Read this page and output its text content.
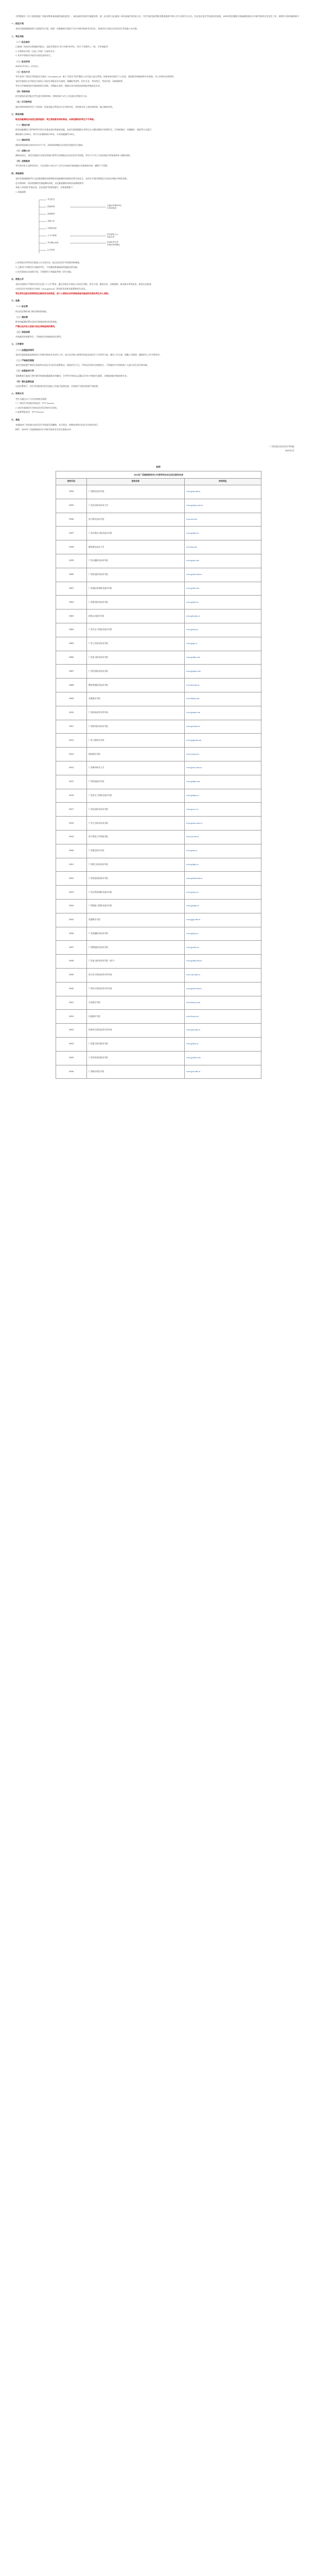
为贯彻落实《关于加快推进广西职业教育高质量发展的意见》，深化高校考试招生制度改革，进一步完善“文化素质＋职业技能”的评价方式，为学生接受高等职业教育提供多种入学方式和学习方式。经自治区招生考试委员会同意，2025年我区继续开展高职院校对口中职学校毕业生招生工作，现将有关事项通知如下：

一、招生计划

各招生院校根据国家下达的招生计划，安排一定数量的计划用于对口中职学校毕业生招生。具体招生计划以自治区招生考试院公布为准。

二、考生申报

（一）报名条件

已参加广西2025年普通高考报名，且报考类别为“对口中职”的考生，符合下列条件之一的，可申请报考：

1. 中等职业学校（含技工学校）应届毕业生；

2. 具有中等职业学校学历的往届毕业生。

（二）报名时间

2025年3月10日—3月25日。

（三）报名方式

考生登录广西招生考试院官方网站（www.gxeea.cn）或“广西招生考试”微信公众号进入报名系统，按要求如实填写个人信息，选择报考的院校和专业类别，并上传相关证明材料。

各招生院校应在学校官方网站公布招生章程及有关说明，明确报考条件、招生专业、考试科目、考试内容、录取规则等。

考生应仔细阅读招生院校的招生章程，对照报名条件，根据自身实际情况选择报考院校及专业。

（四）资格审核

招生院校负责对报名考生进行资格审核，审核结果于4月上旬在报名系统中公布。

（五）打印准考证

通过资格审核的考生于考试前一周登录报名系统自行打印准考证，并按准考证上规定的时间、地点参加考试。

三、职业技能

职业技能测试由各招生院校组织，考生须按要求按时参加。未参加测试的考生不予录取。

（一）测试内容

职业技能测试主要考核考生的专业基本知识和基本技能，由招生院校根据专业特点自主确定测试内容和形式，可采取笔试、实践操作、面试等方式进行。

测试满分为300分，其中专业基础知识150分、专业技能操作150分。

（二）测试时间

测试时间安排在2025年4月中下旬，具体时间和地点由各招生院校另行通知。

（三）成绩公布

测试结束后，各招生院校应在规定时间内将考生成绩报送自治区招生考试院，考生可于5月上旬登录报名系统查询本人测试成绩。

（四）成绩复核

考生如对本人成绩有异议，可在成绩公布后3个工作日内向招生院校提出书面复核申请，逾期不予受理。

四、录取原则

各招生院校根据考生文化素质测试成绩和职业技能测试成绩按比例合成总分，在招生计划内按照总分从高分到低分择优录取。

总分相同时，依次按照职业技能测试成绩、文化素质测试成绩从高到低排序。

录取工作按照“学校负责、招办监督”的原则进行，具体流程如下：

1. 录取流程

考生报名
资格审核
参加测试
成绩公布
学校拟录取
公示与备案
考生确认录取
正式录取
未通过审核的考生
可申请复核
招生院校公示
录取名单
拟录取考生须
在规定时间确认

2. 拟录取名单经招生院校公示无异议后，报自治区招生考试院审核备案。

3. 已被对口中职招生录取的考生，不再参加普通高校其他批次的录取。

4. 招生院校未完成的计划，可统筹用于普通高考统一招生录取。

五、信息公开

各招生院校应严格执行招生信息“十公开”要求，通过学校官方网站公布招生章程、招生计划、测试办法、录取规则、拟录取名单等信息，接受社会监督。

自治区招生考试院官方网站（www.gxeea.cn）将及时发布相关政策和招生信息。

考生须关注报名系统和招生院校发布的信息，因个人原因未及时获取信息而造成的后果由考生本人承担。

六、收费

（一）报名费

按自治区物价部门核定的标准收取。

（二）测试费

职业技能测试费由各招生院校按规定标准收取。

严禁以任何名义收取与招生录取挂钩的费用。

（三）资助政策

对家庭经济困难考生，可按规定申请减免相关费用。

七、工作要求

（一）加强组织领导

各招生院校要高度重视对口中职学校毕业生招生工作，成立由学校主要领导任组长的招生工作领导小组，制定工作方案，明确工作职责，确保招生工作平稳有序。

（二）严格规范管理

各招生院校要严格执行国家和自治区有关招生政策规定，规范招生行为，不得以任何形式违规招生，不得委托中介机构或个人进行招生宣传和录取。

（三）加强宣传引导

各地教育行政部门和中职学校要加强政策宣传解读，引导考生和家长正确认识对口中职招生政策，合理选择报考院校和专业。

（四）强化监督检查

自治区教育厅、招生考试院将对招生院校工作进行监督检查，对违规行为依法依规严肃处理。

八、咨询方式

考生可通过以下方式咨询相关政策：

1. 广西招生考试院咨询电话：0771-5xxxxxx

2. 各招生院校招生咨询电话详见学校官方网站。

3. 监督举报电话：0771-5xxxxxx

九、其他

本通知由广西壮族自治区招生考试院负责解释。未尽事宜，按教育部和自治区有关规定执行。

附件：2025年广西高职院校对口中职学校毕业生招生院校名单

广西壮族自治区招生考试院

2025年2月

附件

2025年广西高职院校对口中职学校毕业生招生院校名单
院校代码	院校名称	院校网址
10594	广西职业技术学院	www.gxzy.edu.cn
10595	广西农业职业技术大学	www.gxnyxy.com.cn
10596	南宁职业技术学院	www.ncvt.net
10597	广西水利电力职业技术学院	www.gxsdxy.cn
10598	柳州职业技术大学	www.lzzy.net
10599	广西交通职业技术学院	www.gxjzy.com
10600	广西机电职业技术学院	www.gxcme.edu.cn
10601	广西国际商务职业技术学院	www.gxibvc.net
10602	广西建设职业技术学院	www.gxjsxy.cn
10603	桂林山水职业学院	www.glss.edu.cn
10604	广西生态工程职业技术学院	www.gxstzy.cn
10605	广西工业职业技术学院	www.gxgy.cn
10606	广西电力职业技术学院	www.gxdlxy.com
10607	广西经贸职业技术学院	www.gxjmzy.com
10608	柳州铁道职业技术学院	www.ltzy.edu.cn
10609	北海职业学院	www.bhzyxy.net
10610	广西体育高等专科学校	www.gxtznn.com
10611	广西现代职业技术学院	www.gxxd.net.cn
10612	广西工程职业学院	www.gxgcedu.com
10613	梧州职业学院	www.wzzyxy.cn
10614	广西城市职业大学	www.gxccu.com.cn
10615	广西科技职业学院	www.gxkjzy.com
10616	广西安全工程职业技术学院	www.gxaqzy.cn
10617	广西信息职业技术学院	www.gxcvc.cn
10618	广西卫生职业技术学院	www.gxwzy.com.cn
10619	南宁师范大学师园学院	www.sycxnu.cn
10620	广西演艺职业学院	www.gxart.cn
10621	广西理工职业技术学院	www.gxlgzy.cn
10622	广西培贤国际职业学院	www.peixian.edu.cn
10623	广西自然资源职业技术学院	www.gxzrzy.cn
10624	广西制造工程职业技术学院	www.gxzzgc.cn
10625	贵港职业学院	www.ggzy.edu.cn
10626	广西金融职业技术学院	www.gxjrxy.cn
10627	广西物流职业技术学院	www.gxwlzy.cn
10628	广西电力职业技术学院（南宁）	www.gxdlxy.edu.cn
10629	崇左幼儿师范高等专科学校	www.czys.edu.cn
10630	广西幼儿师范高等专科学校	www.gxyesf.edu.cn
10631	百色职业学院	www.bszyxy.com
10632	河池职业学院	www.hczyxy.cn
10633	钦州幼儿师范高等专科学校	www.qzys.edu.cn
10634	广西蓝天航空职业学院	www.gxltxy.cn
10635	广西英华国际职业学院	www.gxyhxy.com
10636	广西职业师范学院	www.gxzs.edu.cn
